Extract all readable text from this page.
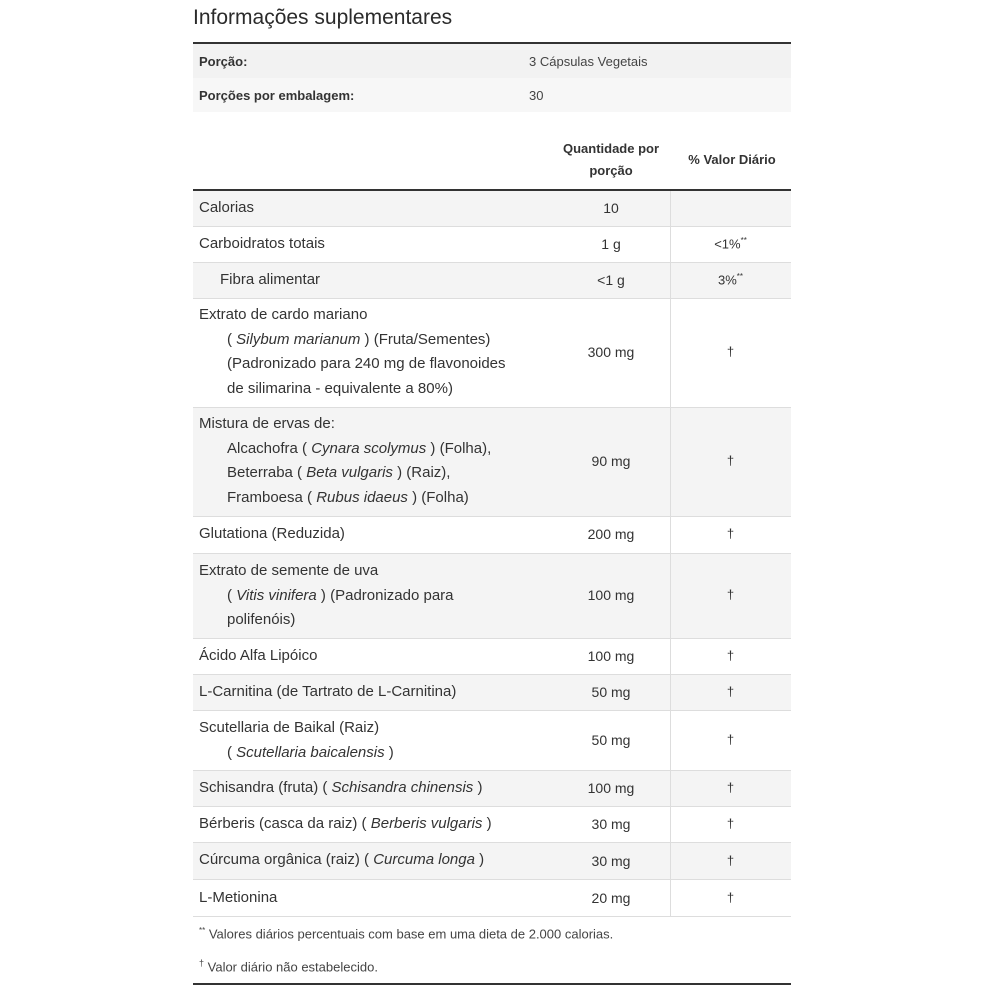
Informações suplementares
Porção:	3 Cápsulas Vegetais
Porções por embalagem:	30
Quantidade por porção
% Valor Diário
Calorias	10
Carboidratos totais	1 g	<1%**
Fibra alimentar	<1 g	3%**
Extrato de cardo mariano
( Silybum marianum ) (Fruta/Sementes)
(Padronizado para 240 mg de flavonoides
de silimarina - equivalente a 80%)
300 mg	†
Mistura de ervas de:
Alcachofra ( Cynara scolymus ) (Folha),
Beterraba ( Beta vulgaris ) (Raiz),
Framboesa ( Rubus idaeus ) (Folha)
90 mg	†
Glutationa (Reduzida)	200 mg	†
Extrato de semente de uva
( Vitis vinifera ) (Padronizado para
polifenóis)
100 mg	†
Ácido Alfa Lipóico	100 mg	†
L-Carnitina (de Tartrato de L-Carnitina)	50 mg	†
Scutellaria de Baikal (Raiz)
( Scutellaria baicalensis )
50 mg	†
Schisandra (fruta) ( Schisandra chinensis )	100 mg	†
Bérberis (casca da raiz) ( Berberis vulgaris )	30 mg	†
Cúrcuma orgânica (raiz) ( Curcuma longa )	30 mg	†
L-Metionina	20 mg	†
** Valores diários percentuais com base em uma dieta de 2.000 calorias.
† Valor diário não estabelecido.
